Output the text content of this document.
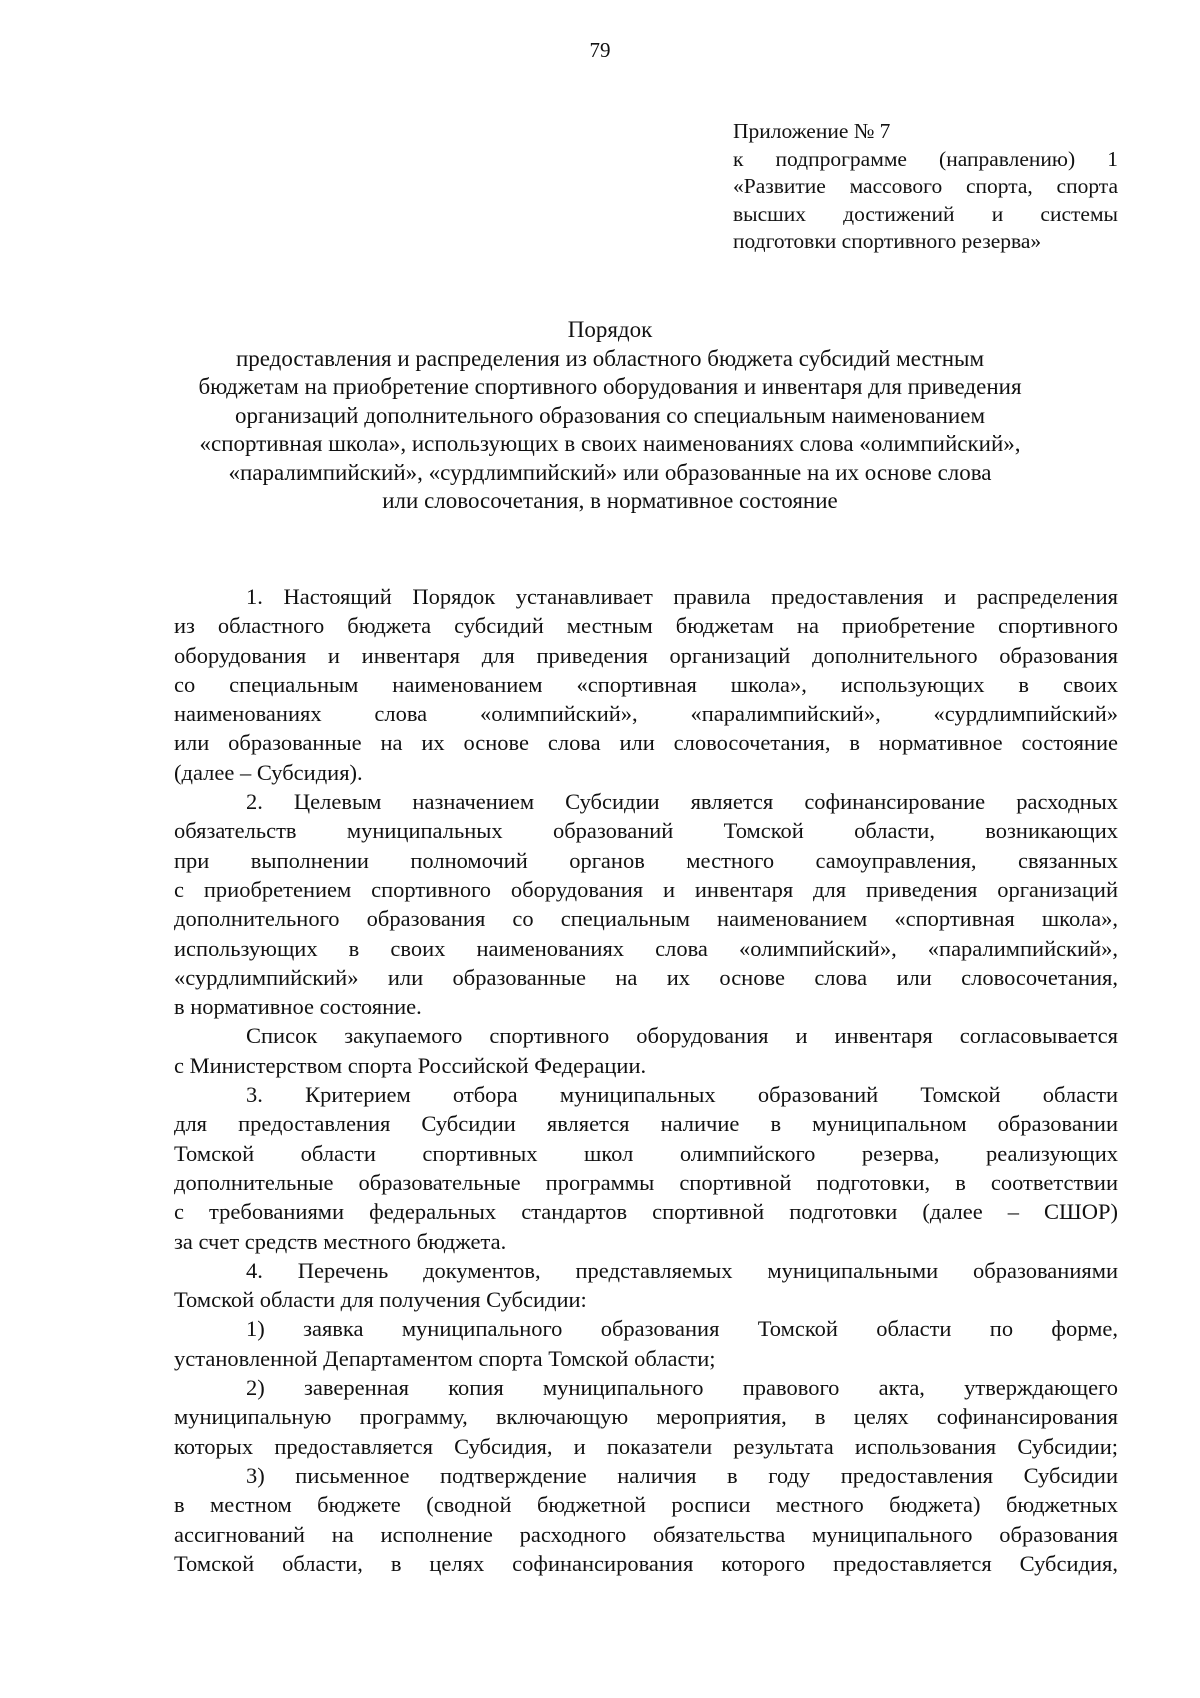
79
Приложение № 7
к подпрограмме (направлению) 1
«Развитие массового спорта, спорта
высших достижений и системы
подготовки спортивного резерва»
Порядок
предоставления и распределения из областного бюджета субсидий местным
бюджетам на приобретение спортивного оборудования и инвентаря для приведения
организаций дополнительного образования со специальным наименованием
«спортивная школа», использующих в своих наименованиях слова «олимпийский»,
«паралимпийский», «сурдлимпийский» или образованные на их основе слова
или словосочетания, в нормативное состояние
1. Настоящий Порядок устанавливает правила предоставления и распределения
из областного бюджета субсидий местным бюджетам на приобретение спортивного
оборудования и инвентаря для приведения организаций дополнительного образования
со специальным наименованием «спортивная школа», использующих в своих
наименованиях слова «олимпийский», «паралимпийский», «сурдлимпийский»
или образованные на их основе слова или словосочетания, в нормативное состояние
(далее – Субсидия).
2. Целевым назначением Субсидии является софинансирование расходных
обязательств муниципальных образований Томской области, возникающих
при выполнении полномочий органов местного самоуправления, связанных
с приобретением спортивного оборудования и инвентаря для приведения организаций
дополнительного образования со специальным наименованием «спортивная школа»,
использующих в своих наименованиях слова «олимпийский», «паралимпийский»,
«сурдлимпийский» или образованные на их основе слова или словосочетания,
в нормативное состояние.
Список закупаемого спортивного оборудования и инвентаря согласовывается
с Министерством спорта Российской Федерации.
3. Критерием отбора муниципальных образований Томской области
для предоставления Субсидии является наличие в муниципальном образовании
Томской области спортивных школ олимпийского резерва, реализующих
дополнительные образовательные программы спортивной подготовки, в соответствии
с требованиями федеральных стандартов спортивной подготовки (далее – СШОР)
за счет средств местного бюджета.
4. Перечень документов, представляемых муниципальными образованиями
Томской области для получения Субсидии:
1) заявка муниципального образования Томской области по форме,
установленной Департаментом спорта Томской области;
2) заверенная копия муниципального правового акта, утверждающего
муниципальную программу, включающую мероприятия, в целях софинансирования
которых предоставляется Субсидия, и показатели результата использования Субсидии;
3) письменное подтверждение наличия в году предоставления Субсидии
в местном бюджете (сводной бюджетной росписи местного бюджета) бюджетных
ассигнований на исполнение расходного обязательства муниципального образования
Томской области, в целях софинансирования которого предоставляется Субсидия,
